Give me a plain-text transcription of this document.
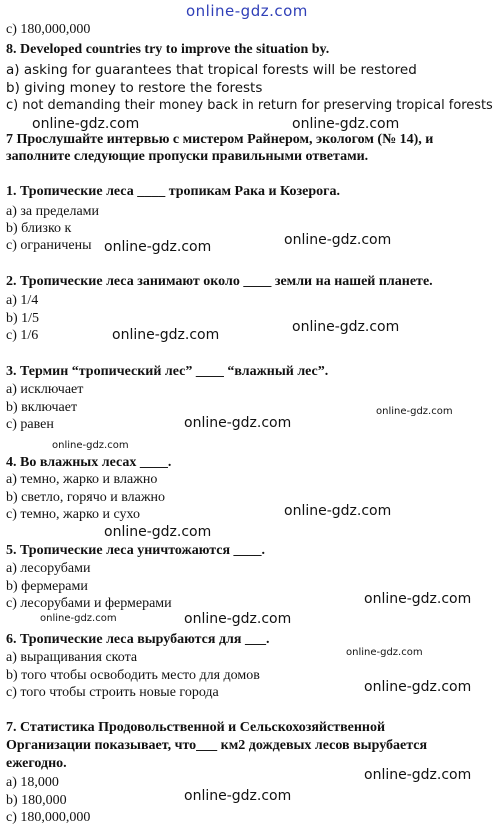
online-gdz.com
c) 180,000,000
8. Developed countries try to improve the situation by.
a) asking for guarantees that tropical forests will be restored
b) giving money to restore the forests
c) not demanding their money back in return for preserving tropical forests
online-gdz.com	online-gdz.com
7 Прослушайте интервью с мистером Райнером, экологом (№ 14), и
заполните следующие пропуски правильными ответами.
1. Тропические леса ____ тропикам Рака и Козерога.
a) за пределами
b) близко к
c) ограничены online-gdz.com	online-gdz.com
2. Тропические леса занимают около ____ земли на нашей планете.
a) 1/4
b) 1/5
c) 1/6	online-gdz.com	online-gdz.com
3. Термин “тропический лес” ____ “влажный лес”.
a) исключает
b) включает	online-gdz.com
c) равен	online-gdz.com
online-gdz.com
4. Во влажных лесах ____.
a) темно, жарко и влажно
b) светло, горячо и влажно
c) темно, жарко и сухо	online-gdz.com
online-gdz.com
5. Тропические леса уничтожаются ____.
a) лесорубами
b) фермерами
c) лесорубами и фермерами	online-gdz.com
online-gdz.com	online-gdz.com
6. Тропические леса вырубаются для ___.
a) выращивания скота	online-gdz.com
b) того чтобы освободить место для домов
c) того чтобы строить новые города	online-gdz.com
7. Статистика Продовольственной и Сельскохозяйственной
Организации показывает, что___ км2 дождевых лесов вырубается
ежегодно.
online-gdz.com
a) 18,000
b) 180,000	online-gdz.com
c) 180,000,000
